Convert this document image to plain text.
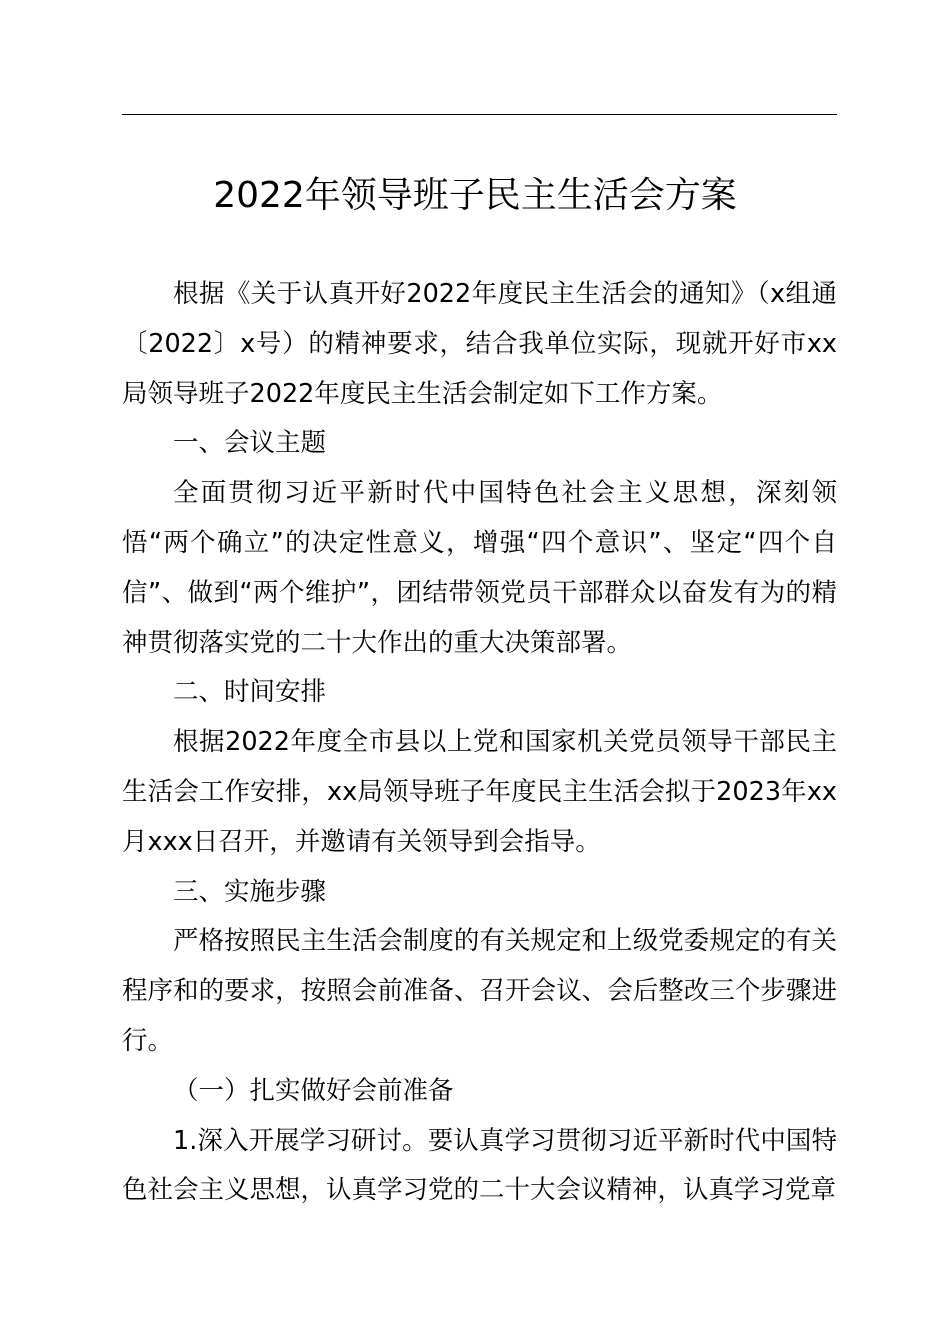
2022年领导班子民主生活会方案

根据《关于认真开好2022年度民主生活会的通知》（x组通〔2022〕x号）的精神要求，结合我单位实际，现就开好市xx局领导班子2022年度民主生活会制定如下工作方案。

一、会议主题

全面贯彻习近平新时代中国特色社会主义思想，深刻领悟“两个确立”的决定性意义，增强“四个意识”、坚定“四个自信”、做到“两个维护”，团结带领党员干部群众以奋发有为的精神贯彻落实党的二十大作出的重大决策部署。

二、时间安排

根据2022年度全市县以上党和国家机关党员领导干部民主生活会工作安排，xx局领导班子年度民主生活会拟于2023年xx月xxx日召开，并邀请有关领导到会指导。

三、实施步骤

严格按照民主生活会制度的有关规定和上级党委规定的有关程序和的要求，按照会前准备、召开会议、会后整改三个步骤进行。

（一）扎实做好会前准备

1.深入开展学习研讨。要认真学习贯彻习近平新时代中国特色社会主义思想，认真学习党的二十大会议精神，认真学习党章
